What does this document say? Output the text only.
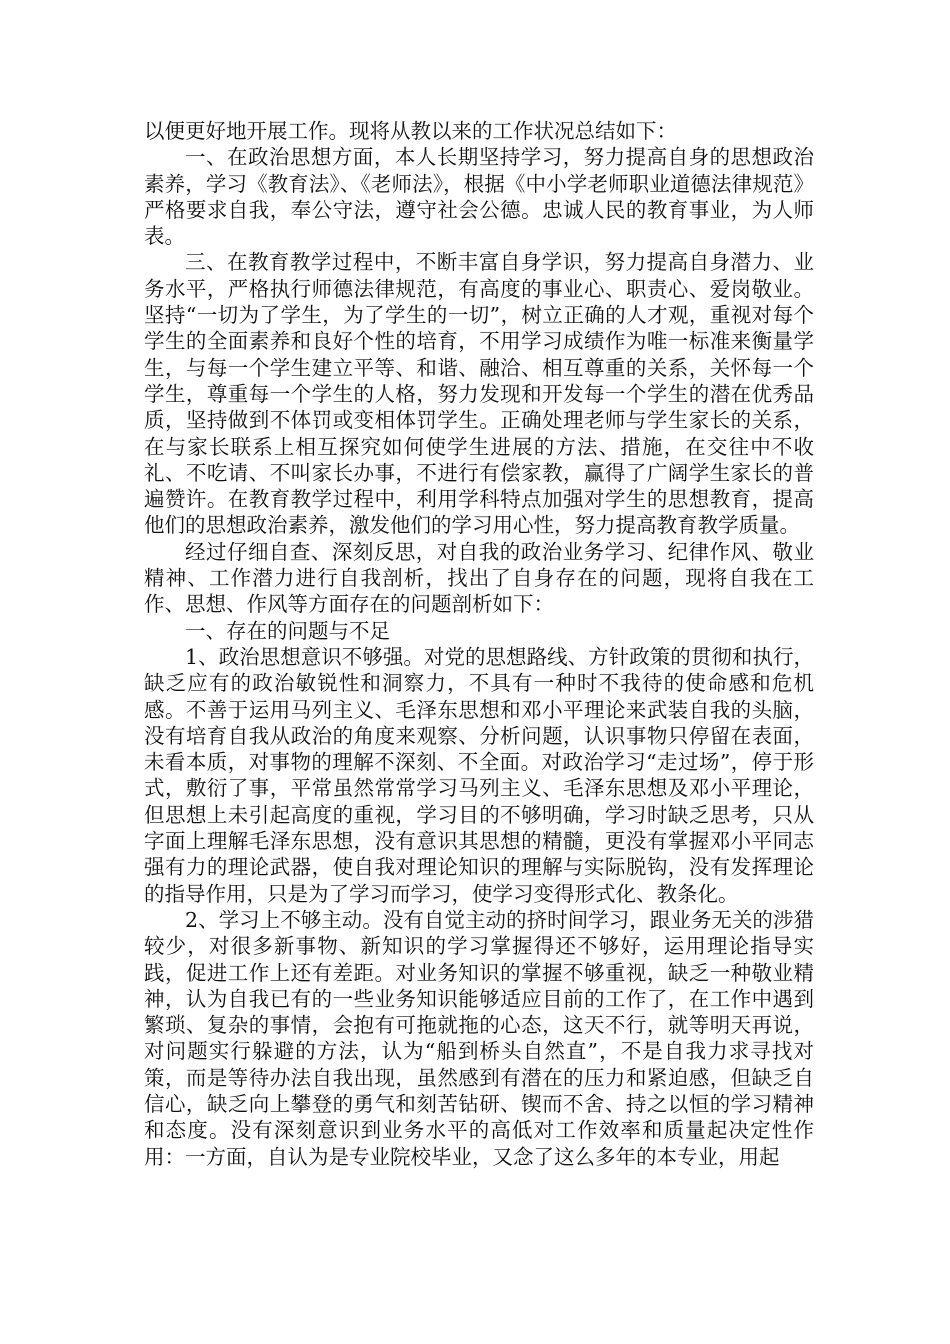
以便更好地开展工作。现将从教以来的工作状况总结如下：

一、在政治思想方面，本人长期坚持学习，努力提高自身的思想政治素养，学习《教育法》、《老师法》，根据《中小学老师职业道德法律规范》严格要求自我，奉公守法，遵守社会公德。忠诚人民的教育事业，为人师表。

三、在教育教学过程中，不断丰富自身学识，努力提高自身潜力、业务水平，严格执行师德法律规范，有高度的事业心、职责心、爱岗敬业。坚持“一切为了学生，为了学生的一切”，树立正确的人才观，重视对每个学生的全面素养和良好个性的培育，不用学习成绩作为唯一标准来衡量学生，与每一个学生建立平等、和谐、融洽、相互尊重的关系，关怀每一个学生，尊重每一个学生的人格，努力发现和开发每一个学生的潜在优秀品质，坚持做到不体罚或变相体罚学生。正确处理老师与学生家长的关系，在与家长联系上相互探究如何使学生进展的方法、措施，在交往中不收礼、不吃请、不叫家长办事，不进行有偿家教，赢得了广阔学生家长的普遍赞许。在教育教学过程中，利用学科特点加强对学生的思想教育，提高他们的思想政治素养，激发他们的学习用心性，努力提高教育教学质量。

经过仔细自查、深刻反思，对自我的政治业务学习、纪律作风、敬业精神、工作潜力进行自我剖析，找出了自身存在的问题，现将自我在工作、思想、作风等方面存在的问题剖析如下：

一、存在的问题与不足

1、政治思想意识不够强。对党的思想路线、方针政策的贯彻和执行，缺乏应有的政治敏锐性和洞察力，不具有一种时不我待的使命感和危机感。不善于运用马列主义、毛泽东思想和邓小平理论来武装自我的头脑，没有培育自我从政治的角度来观察、分析问题，认识事物只停留在表面，未看本质，对事物的理解不深刻、不全面。对政治学习“走过场”，停于形式，敷衍了事，平常虽然常常学习马列主义、毛泽东思想及邓小平理论，但思想上未引起高度的重视，学习目的不够明确，学习时缺乏思考，只从字面上理解毛泽东思想，没有意识其思想的精髓，更没有掌握邓小平同志强有力的理论武器，使自我对理论知识的理解与实际脱钩，没有发挥理论的指导作用，只是为了学习而学习，使学习变得形式化、教条化。

2、学习上不够主动。没有自觉主动的挤时间学习，跟业务无关的涉猎较少，对很多新事物、新知识的学习掌握得还不够好，运用理论指导实践，促进工作上还有差距。对业务知识的掌握不够重视，缺乏一种敬业精神，认为自我已有的一些业务知识能够适应目前的工作了，在工作中遇到繁琐、复杂的事情，会抱有可拖就拖的心态，这天不行，就等明天再说，对问题实行躲避的方法，认为“船到桥头自然直”，不是自我力求寻找对策，而是等待办法自我出现，虽然感到有潜在的压力和紧迫感，但缺乏自信心，缺乏向上攀登的勇气和刻苦钻研、锲而不舍、持之以恒的学习精神和态度。没有深刻意识到业务水平的高低对工作效率和质量起决定性作用：一方面，自认为是专业院校毕业，又念了这么多年的本专业，用起
